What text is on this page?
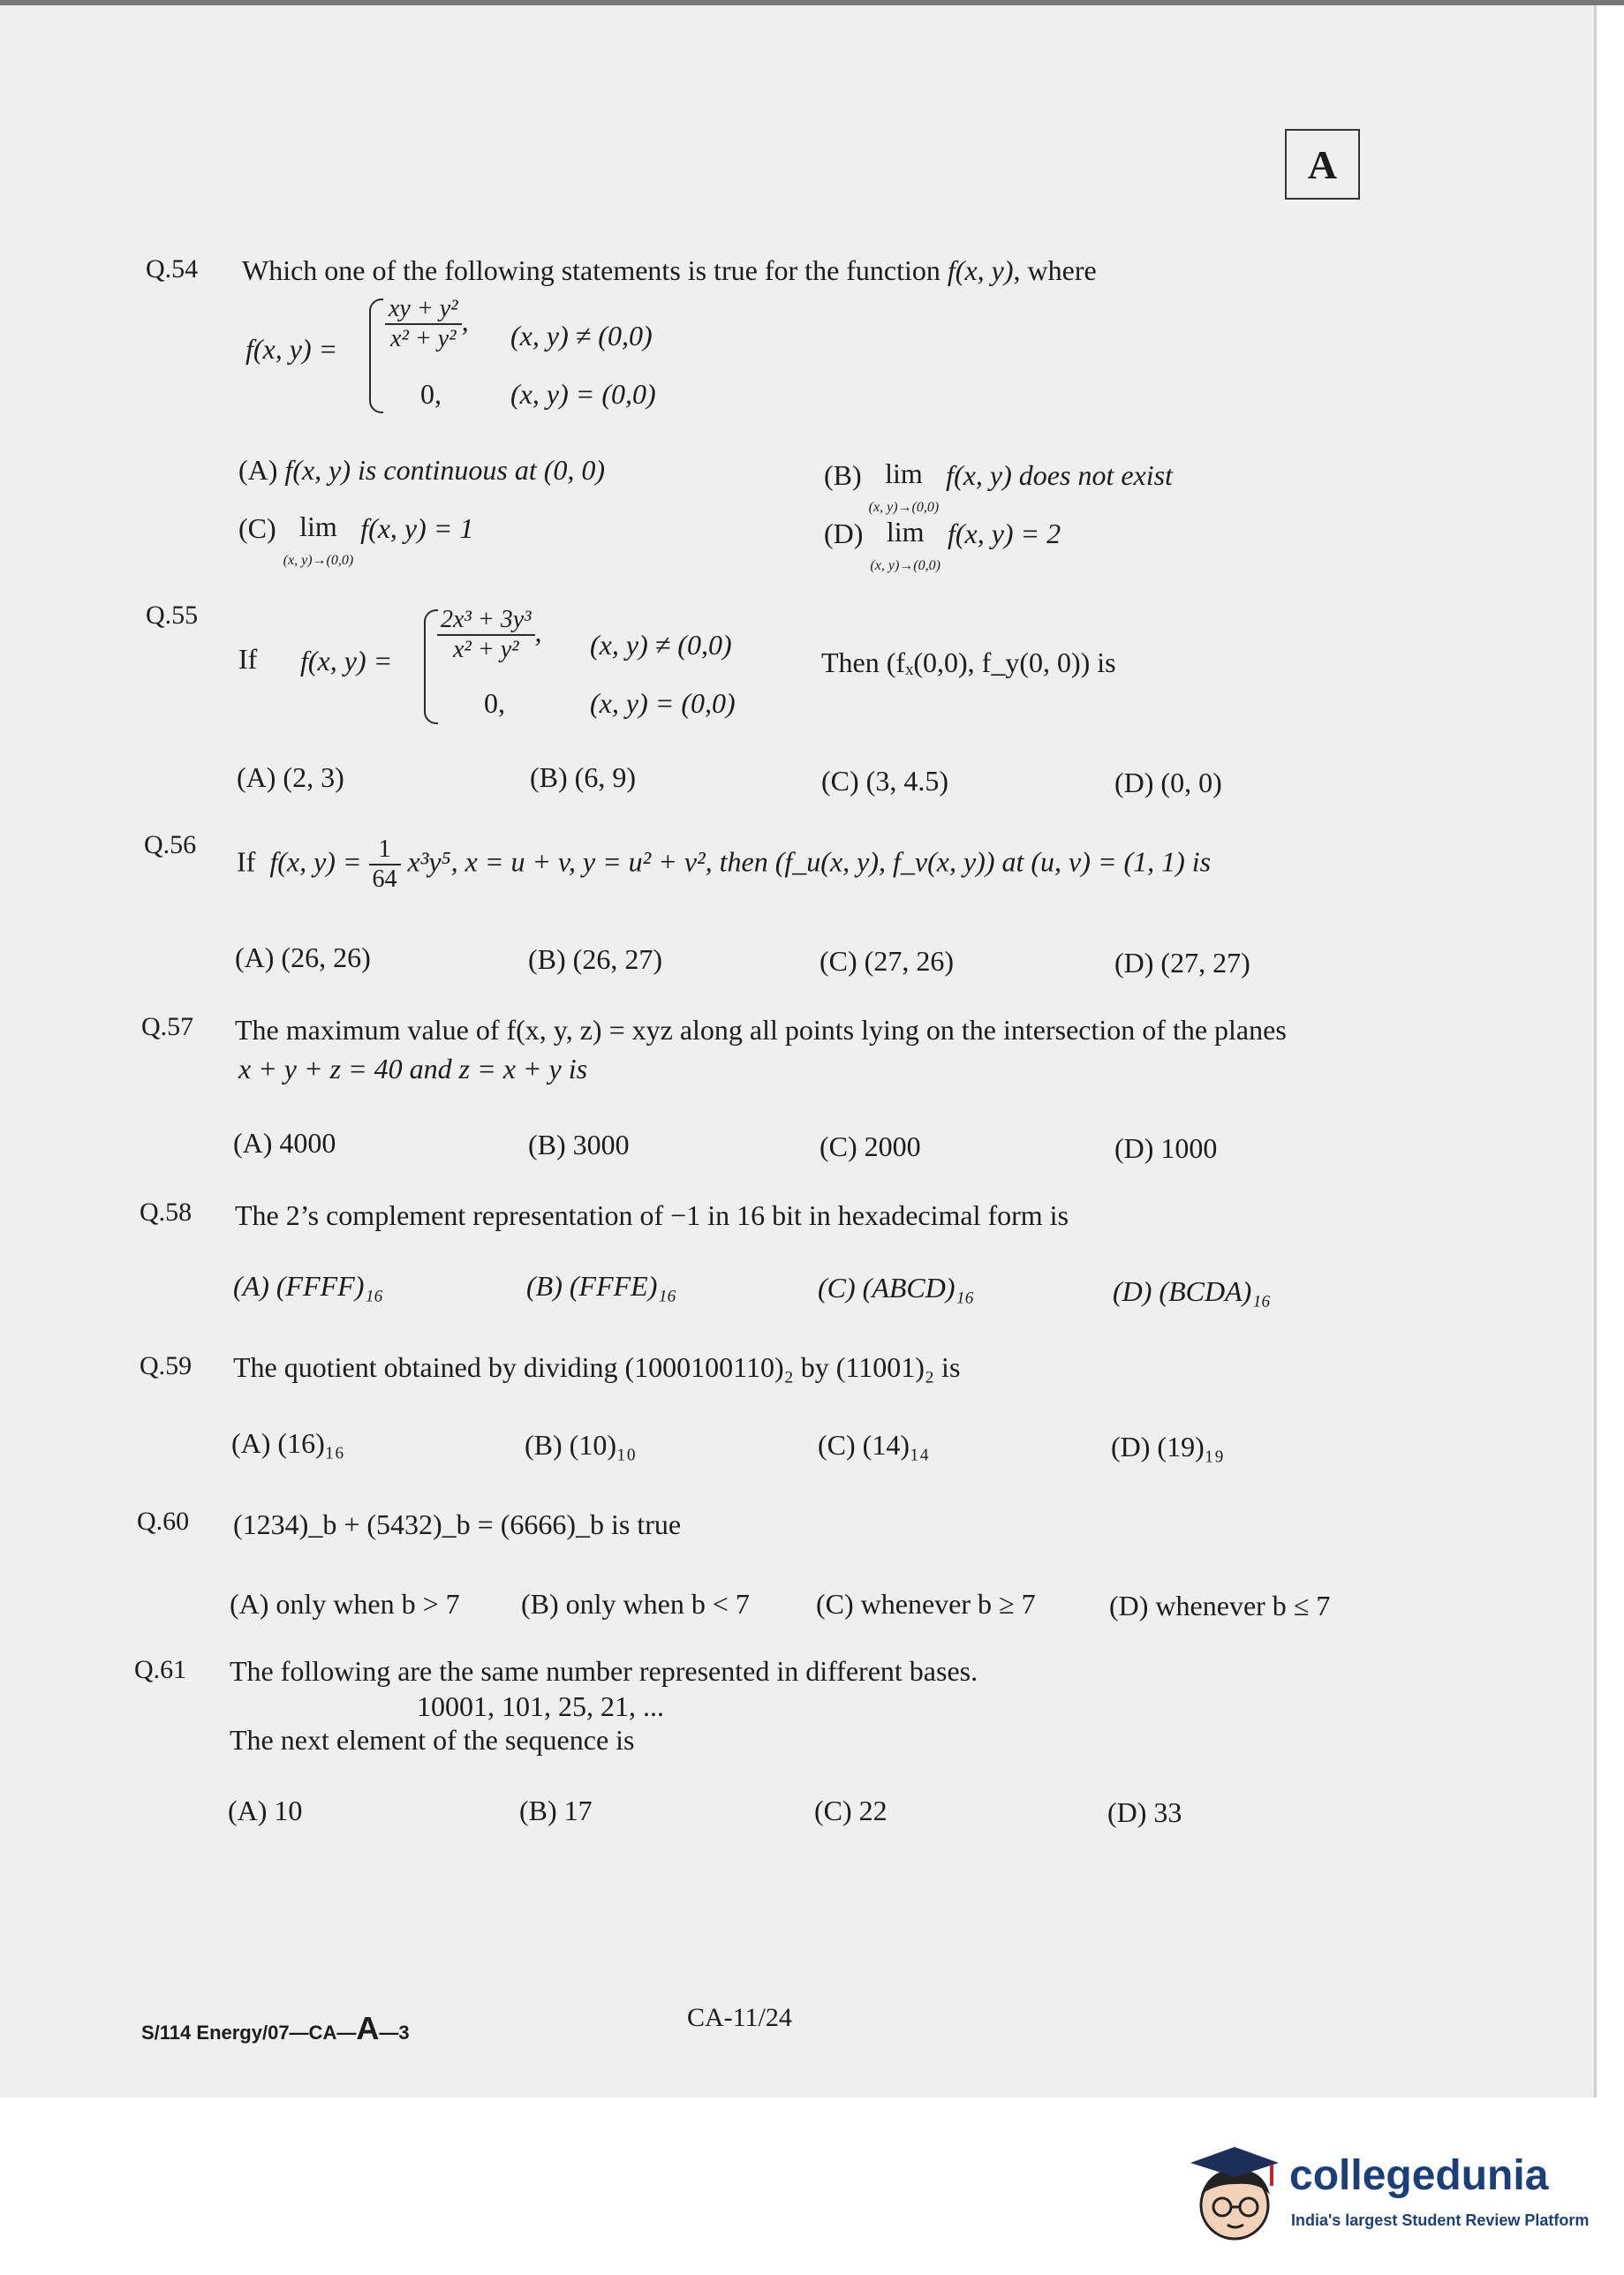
A
Q.54 Which one of the following statements is true for the function f(x, y), where
f(x, $y) = \frac{\text{xy + y²}}{\text{x² + y²}}$ , (x, y) ≠ (0,0)
0, (x, y) = (0,0)
(A) f(x, y) is continuous at (0, 0)	(B) lim
(x, y)→(0,0) f(x, y) does not exist
(C) lim
(x, y)→(0,0) f(x, y) = 1	(D) lim
(x, y)→(0,0) f(x, y) = 2
Q.55
If f(x, $y) = \frac{\text{2x³ + 3y³}}{\text{x² + y²}}$ , (x, y) ≠ (0,0)
0,	(x, y) = (0,0)
Then (fₓ(0,0), f_y(0, 0)) is
(A) (2, 3)	(B) (6, 9)	(C) (3, 4.5)	(D) (0, 0)
Q.56
If f(x, $y) = \frac{1}{64} x^3y^5$, x = u + v, y = u² + v², then (f_u(x, y), f_v(x, y)) at (u, v) = (1, 1) is
(A) (26, 26)	(B) (26, 27)	(C) (27, 26)	(D) (27, 27)
Q.57 The maximum value of f(x, y, z) = xyz along all points lying on the intersection of the planes
x + y + z = 40 and z = x + y is
(A) 4000	(B) 3000	(C) 2000	(D) 1000
Q.58 The 2’s complement representation of −1 in 16 bit in hexadecimal form is
(A) (FFFF)₁₆	(B) (FFFE)₁₆	(C) (ABCD)₁₆	(D) (BCDA)₁₆
Q.59 The quotient obtained by dividing (1000100110)₂ by (11001)₂ is
(A) (16)₁₆	(B) (10)₁₀	(C) (14)₁₄	(D) (19)₁₉
Q.60 (1234)_b + (5432)_b = (6666)_b is true
(A) only when b > 7 (B) only when b < 7 (C) whenever b ≥ 7	(D) whenever b ≤ 7
Q.61 The following are the same number represented in different bases.
10001, 101, 25, 21, ...
The next element of the sequence is
(A) 10	(B) 17	(C) 22	(D) 33
S/114 Energy/07—CA—A—3
CA-11/24
collegedunia
India's largest Student Review Platform
